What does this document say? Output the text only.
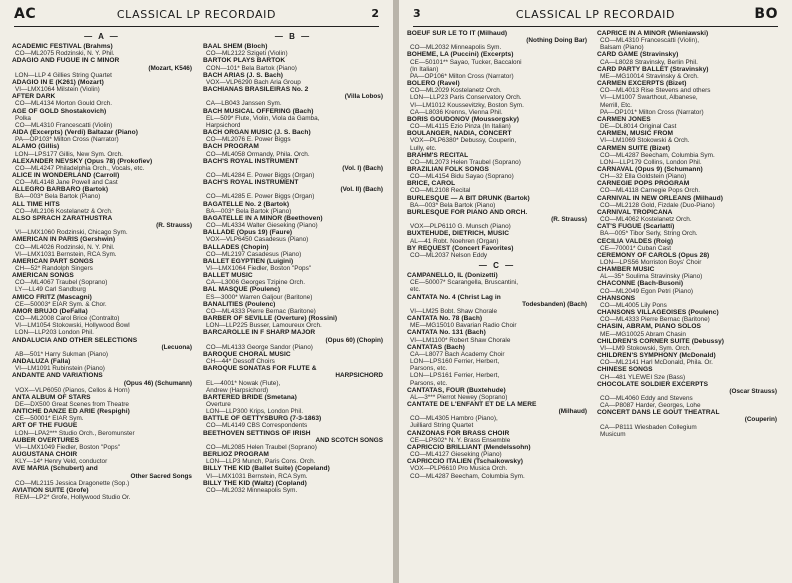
AC	CLASSICAL LP RECORDAID	2
— A —
ACADEMIC FESTIVAL (Brahms)
CO—ML2075 Rodzinski, N. Y. Phil.
ADAGIO AND FUGUE IN C MINOR
(Mozart, K546)
LON—LLP 4 Gillies String Quartet
ADAGIO IN E (K261) (Mozart)
VI—LMX1064 Milstein (Violin)
AFTER DARK
CO—ML4134 Morton Gould Orch.
AGE OF GOLD Shostakovich)
Polka
CO—ML4310 Francescatti (Violin)
AIDA (Excerpts) (Verdi) Baltazar (Piano)
PA—OP103* Milton Cross (Narrator)
ALAMO (Gillis)
LON—LPS177 Gillis, New Sym. Orch.
ALEXANDER NEVSKY (Opus 78) (Prokofiev)
CO—ML4247 Philadelphia Orch., Vocals, etc.
ALICE IN WONDERLAND (Carroll)
CO—ML4148 Jane Powell and Cast
ALLEGRO BARBARO (Bartok)
BA—003* Bela Bartok (Piano)
ALL TIME HITS
CO—ML2106 Kostelanetz & Orch.
ALSO SPRACH ZARATHUSTRA
(R. Strauss)
VI—LMX1060 Rodzinski, Chicago Sym.
AMERICAN IN PARIS (Gershwin)
CO—ML4026 Rodzinski, N. Y. Phil.
VI—LMX1031 Bernstein, RCA Sym.
AMERICAN PART SONGS
CH—52* Randolph Singers
AMERICAN SONGS
CO—ML4067 Traubel (Soprano)
LY—LL49 Carl Sandburg
AMICO FRITZ (Mascagni)
CE—50003* EIAR Sym. & Chor.
AMOR BRUJO (DeFalla)
CO—ML2008 Carol Brice (Contralto)
VI—LM1054 Stokowski, Hollywood Bowl
LON—LLP203 London Phil.
ANDALUCIA AND OTHER SELECTIONS
(Lecuona)
AB—501* Harry Sukman (Piano)
ANDALUZA (Falla)
VI—LM1091 Rubinstein (Piano)
ANDANTE AND VARIATIONS
(Opus 46) (Schumann)
VOX—VLP6050 (Pianos, Cellos & Horn)
ANTA ALBUM OF STARS
DE—DX500 Great Scenes from Theatre
ANTICHE DANZE ED ARIE (Respighi)
CE—50001* EIAR Sym.
ART OF THE FUGUE
LON—LPA2*** Studio Orch., Beromunster
AUBER OVERTURES
VI—LMX1049 Fiedler, Boston "Pops"
AUGUSTANA CHOIR
KLY—14* Henry Veld, conductor
AVE MARIA (Schubert) and
Other Sacred Songs
CO—ML2115 Jessica Dragonette (Sop.)
AVIATION SUITE (Grofe)
REM—LP2* Grofe, Hollywood Studio Or.
— B —
BAAL SHEM (Bloch)
CO—ML2122 Szigeti (Violin)
BARTOK PLAYS BARTOK
CON—101* Bela Bartok (Piano)
BACH ARIAS (J. S. Bach)
VOX—VLP6290 Bach Aria Group
BACHIANAS BRASILEIRAS No. 2
(Villa Lobos)
CA—LB043 Janssen Sym.
BACH MUSICAL OFFERING (Bach)
EL—509* Flute, Violin, Viola da Gamba,
Harpsichord
BACH ORGAN MUSIC (J. S. Bach)
CO—ML2076 E. Power Biggs
BACH PROGRAM
CO—ML4058 Ormandy, Phila. Orch.
BACH'S ROYAL INSTRUMENT
(Vol. I) (Bach)
CO—ML4284 E. Power Biggs (Organ)
BACH'S ROYAL INSTRUMENT
(Vol. II) (Bach)
CO—ML4285 E. Power Biggs (Organ)
BAGATELLE No. 2 (Bartok)
BA—003* Bela Bartok (Piano)
BAGATELLE IN A MINOR (Beethoven)
CO—ML4334 Walter Gieseking (Piano)
BALLADE (Opus 19) (Faure)
VOX—VLP6450 Casadesus (Piano)
BALLADES (Chopin)
CO—ML2197 Casadesus (Piano)
BALLET EGYPTIEN (Luigini)
VI—LMX1064 Fiedler, Boston "Pops"
BALLET MUSIC
CA—L3006 Georges Tzipine Orch.
BAL MASQUE (Poulenc)
ES—3000* Warren Galjour (Baritone)
BANALITIES (Poulenc)
CO—ML4333 Pierre Bernac (Baritone)
BARBER OF SEVILLE (Overture) (Rossini)
LON—LLP225 Busser, Lamoureux Orch.
BARCAROLLE IN F SHARP MAJOR
(Opus 60) (Chopin)
CO—ML4133 George Sandor (Piano)
BAROQUE CHORAL MUSIC
CH—44* Dessoff Choirs
BAROQUE SONATAS FOR FLUTE &
HARPSICHORD
EL—4001* Nowak (Flute),
Andrew (Harpsichord)
BARTERED BRIDE (Smetana)
Overture
LON—LLP300 Krips, London Phil.
BATTLE OF GETTYSBURG (7-3-1863)
CO—ML4149 CBS Correspondents
BEETHOVEN SETTINGS OF IRISH
AND SCOTCH SONGS
CO—ML2085 Helen Traubel (Soprano)
BERLIOZ PROGRAM
LON—LLP3 Munch, Paris Cons. Orch.
BILLY THE KID (Ballet Suite) (Copeland)
VI—LMX1031 Bernstein, RCA Sym.
BILLY THE KID (Waltz) (Copland)
CO—ML2032 Minneapolis Sym.
3	CLASSICAL LP RECORDAID	BO
BOEUF SUR LE TO IT (Milhaud)
(Nothing Doing Bar)
CO—ML2032 Minneapolis Sym.
BOHEME, LA (Puccini) (Excerpts)
CE—50101** Sayao, Tucker, Baccaloni
(In Italian)
PA—OP106* Milton Cross (Narrator)
BOLERO (Ravel)
CO—ML2029 Kostelanetz Orch.
LON—LLP23 Paris Conservatory Orch.
VI—LM1012 Koussevitzky, Boston Sym.
CA—L8036 Krenns, Vienna Phil.
BORIS GOUDONOV (Moussorgsky)
CO—ML4115 Ezio Pinza (In Italian)
BOULANGER, NADIA, CONCERT
VOX—PLP6380* Debussy, Couperin,
Lully, etc.
BRAHM'S RECITAL
CO—ML2073 Helen Traubel (Soprano)
BRAZILIAN FOLK SONGS
CO—ML4154 Bidu Sayao (Soprano)
BRICE, CAROL
CO—ML2108 Recital
BURLESQUE — A BIT DRUNK (Bartok)
BA—003* Bela Bartok (Piano)
BURLESQUE FOR PIANO AND ORCH.
(R. Strauss)
VOX—PLP6110 G. Munsch (Piano)
BUXTEHUDE, DIETRICH, MUSIC
AL—41 Robt. Noehren (Organ)
BY REQUEST (Concert Favorites)
CO—ML2037 Nelson Eddy
— C —
CAMPANELLO, IL (Donizetti)
CE—50007* Scarangella, Bruscantini,
etc.
CANTATA No. 4 (Christ Lag in
Todesbanden) (Bach)
VI—LM25 Bobt. Shaw Chorale
CANTATA No. 78 (Bach)
ME—MG15010 Bavarian Radio Choir
CANTATA No. 131 (Bach)
VI—LM1100* Robert Shaw Chorale
CANTATAS (Bach)
CA—L8077 Bach Academy Choir
LON—LPS160 Ferrier, Herbert,
Parsons, etc.
LON—LPS161 Ferrier, Herbert,
Parsons, etc.
CANTATAS, FOUR (Buxtehude)
AL—3*** Pierrot Newey (Soprano)
CANTATE DE L'ENFANT ET DE LA MERE
(Milhaud)
CO—ML4305 Hambro (Piano),
Juilliard String Quartet
CANZONAS FOR BRASS CHOIR
CE—LPS02* N. Y. Brass Ensemble
CAPRICCIO BRILLIANT (Mendelssohn)
CO—ML4127 Gieseking (Piano)
CAPRICCIO ITALIEN (Tschaikowsky)
VOX—PLP6610 Pro Musica Orch.
CO—ML4287 Beecham, Columbia Sym.
CAPRICE IN A MINOR (Wieniawski)
CO—ML4310 Francescatti (Violin),
Balsam (Piano)
CARD GAME (Stravinsky)
CA—L8028 Stravinsky, Berlin Phil.
CARD PARTY BALLET (Stravinsky)
ME—MG10014 Stravinsky & Orch.
CARMEN EXCERPTS (Bizet)
CO—ML4013 Rise Stevens and others
VI—LM1007 Swarthout, Albanese,
Merrill, Etc.
PA—OP101* Milton Cross (Narrator)
CARMEN JONES
DE—DL8014 Original Cast
CARMEN, MUSIC FROM
VI—LM1069 Stokowski & Orch.
CARMEN SUITE (Bizet)
CO—ML4287 Beecham, Columbia Sym.
LON—LLP179 Collins, London Phil.
CARNAVAL (Opus 9) (Schumann)
CH—32 Ella Goldstein (Piano)
CARNEGIE POPS PROGRAM
CO—ML4118 Carnegie Pops Orch.
CARNIVAL IN NEW ORLEANS (Milhaud)
CO—ML2128 Gold, Fizdale (Duo-Piano)
CARNIVAL TROPICANA
CO—ML4062 Kostelanetz Orch.
CAT'S FUGUE (Scarlatti)
BA—005* Tibor Serly, String Orch.
CECILIA VALDES (Roig)
CE—70001* Cuban Cast
CEREMONY OF CAROLS (Opus 28)
LON—LPS56 Morriston Boys' Choir
CHAMBER MUSIC
AL—35* Soulima Stravinsky (Piano)
CHACONNE (Bach-Busoni)
CO—ML2049 Egon Petri (Piano)
CHANSONS
CO—ML4005 Lily Pons
CHANSONS VILLAGEOISES (Poulenc)
CO—ML4333 Pierre Bernac (Baritone)
CHASIN, ABRAM, PIANO SOLOS
ME—MG10025 Abram Chasin
CHILDREN'S CORNER SUITE (Debussy)
VI—LM9 Stokowski, Sym. Orch.
CHILDREN'S SYMPHONY (McDonald)
CO—ML2141 Harl McDonald, Phila. Or.
CHINESE SONGS
CH—481 YLEWEI Sze (Bass)
CHOCOLATE SOLDIER EXCERPTS
(Oscar Strauss)
CO—ML4060 Eddy and Stevens
CA—P8087 Harder, Georges, Lohe
CONCERT DANS LE GOUT THEATRAL
(Couperin)
CA—P8111 Wiesbaden Collegium
Musicum
